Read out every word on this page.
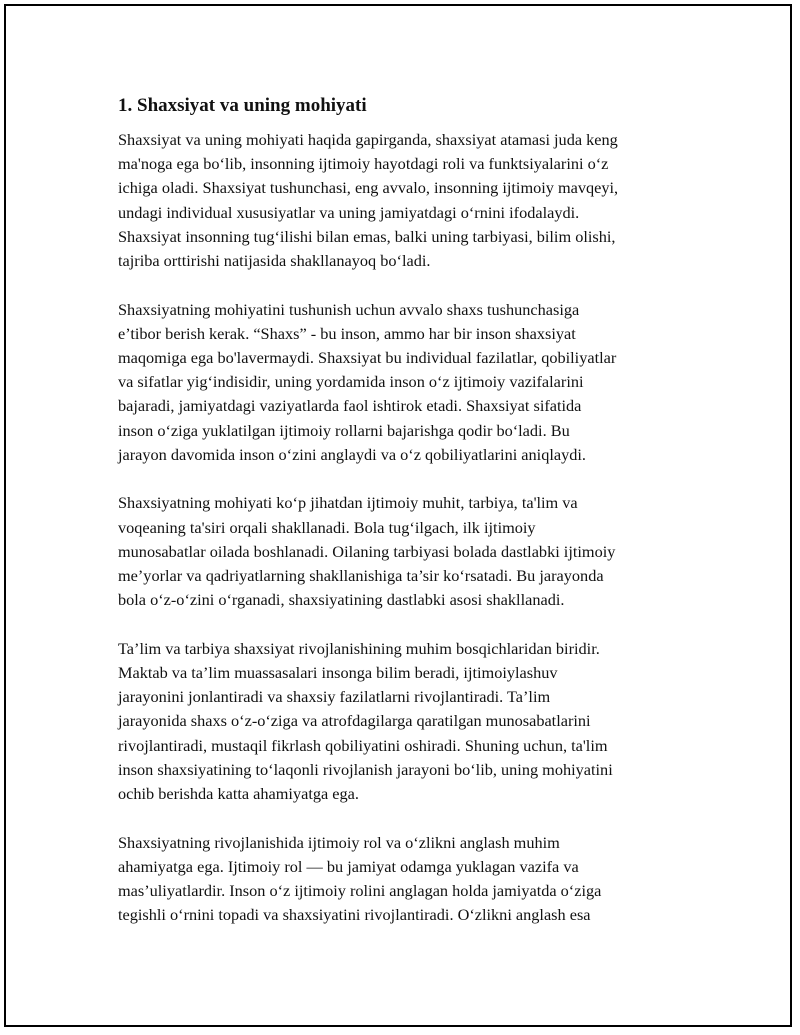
1. Shaxsiyat va uning mohiyati
Shaxsiyat va uning mohiyati haqida gapirganda, shaxsiyat atamasi juda keng
ma'noga ega boʻlib, insonning ijtimoiy hayotdagi roli va funktsiyalarini oʻz
ichiga oladi. Shaxsiyat tushunchasi, eng avvalo, insonning ijtimoiy mavqeyi,
undagi individual xususiyatlar va uning jamiyatdagi oʻrnini ifodalaydi.
Shaxsiyat insonning tugʻilishi bilan emas, balki uning tarbiyasi, bilim olishi,
tajriba orttirishi natijasida shakllanayoq boʻladi.
Shaxsiyatning mohiyatini tushunish uchun avvalo shaxs tushunchasiga
e’tibor berish kerak. “Shaxs” - bu inson, ammo har bir inson shaxsiyat
maqomiga ega bo'lavermaydi. Shaxsiyat bu individual fazilatlar, qobiliyatlar
va sifatlar yigʻindisidir, uning yordamida inson oʻz ijtimoiy vazifalarini
bajaradi, jamiyatdagi vaziyatlarda faol ishtirok etadi. Shaxsiyat sifatida
inson oʻziga yuklatilgan ijtimoiy rollarni bajarishga qodir boʻladi. Bu
jarayon davomida inson oʻzini anglaydi va oʻz qobiliyatlarini aniqlaydi.
Shaxsiyatning mohiyati koʻp jihatdan ijtimoiy muhit, tarbiya, ta'lim va
voqeaning ta'siri orqali shakllanadi. Bola tugʻilgach, ilk ijtimoiy
munosabatlar oilada boshlanadi. Oilaning tarbiyasi bolada dastlabki ijtimoiy
me’yorlar va qadriyatlarning shakllanishiga ta’sir koʻrsatadi. Bu jarayonda
bola oʻz-oʻzini oʻrganadi, shaxsiyatining dastlabki asosi shakllanadi.
Ta’lim va tarbiya shaxsiyat rivojlanishining muhim bosqichlaridan biridir.
Maktab va ta’lim muassasalari insonga bilim beradi, ijtimoiylashuv
jarayonini jonlantiradi va shaxsiy fazilatlarni rivojlantiradi. Ta’lim
jarayonida shaxs oʻz-oʻziga va atrofdagilarga qaratilgan munosabatlarini
rivojlantiradi, mustaqil fikrlash qobiliyatini oshiradi. Shuning uchun, ta'lim
inson shaxsiyatining toʻlaqonli rivojlanish jarayoni boʻlib, uning mohiyatini
ochib berishda katta ahamiyatga ega.
Shaxsiyatning rivojlanishida ijtimoiy rol va oʻzlikni anglash muhim
ahamiyatga ega. Ijtimoiy rol — bu jamiyat odamga yuklagan vazifa va
mas’uliyatlardir. Inson oʻz ijtimoiy rolini anglagan holda jamiyatda oʻziga
tegishli oʻrnini topadi va shaxsiyatini rivojlantiradi. Oʻzlikni anglash esa
